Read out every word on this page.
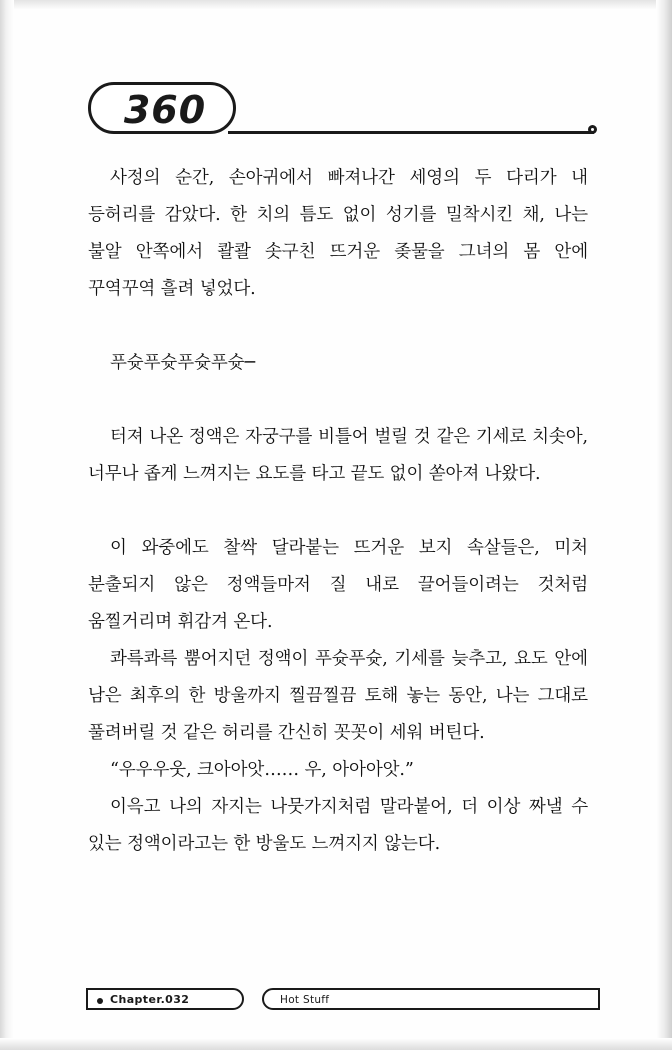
360

사정의 순간, 손아귀에서 빠져나간 세영의 두 다리가 내 등허리를 감았다. 한 치의 틈도 없이 성기를 밀착시킨 채, 나는 불알 안쪽에서 콸콸 솟구친 뜨거운 좆물을 그녀의 몸 안에 꾸역꾸역 흘려 넣었다.

푸슛푸슛푸슛푸슛─

터져 나온 정액은 자궁구를 비틀어 벌릴 것 같은 기세로 치솟아, 너무나 좁게 느껴지는 요도를 타고 끝도 없이 쏟아져 나왔다.

이 와중에도 찰싹 달라붙는 뜨거운 보지 속살들은, 미처 분출되지 않은 정액들마저 질 내로 끌어들이려는 것처럼 움찔거리며 휘감겨 온다.

콰륵콰륵 뿜어지던 정액이 푸슛푸슛, 기세를 늦추고, 요도 안에 남은 최후의 한 방울까지 찔끔찔끔 토해 놓는 동안, 나는 그대로 풀려버릴 것 같은 허리를 간신히 꼿꼿이 세워 버틴다.

“우우우웃, 크아아앗…… 우, 아아아앗.”

이윽고 나의 자지는 나뭇가지처럼 말라붙어, 더 이상 짜낼 수 있는 정액이라고는 한 방울도 느껴지지 않는다.

Chapter.032	Hot Stuff
